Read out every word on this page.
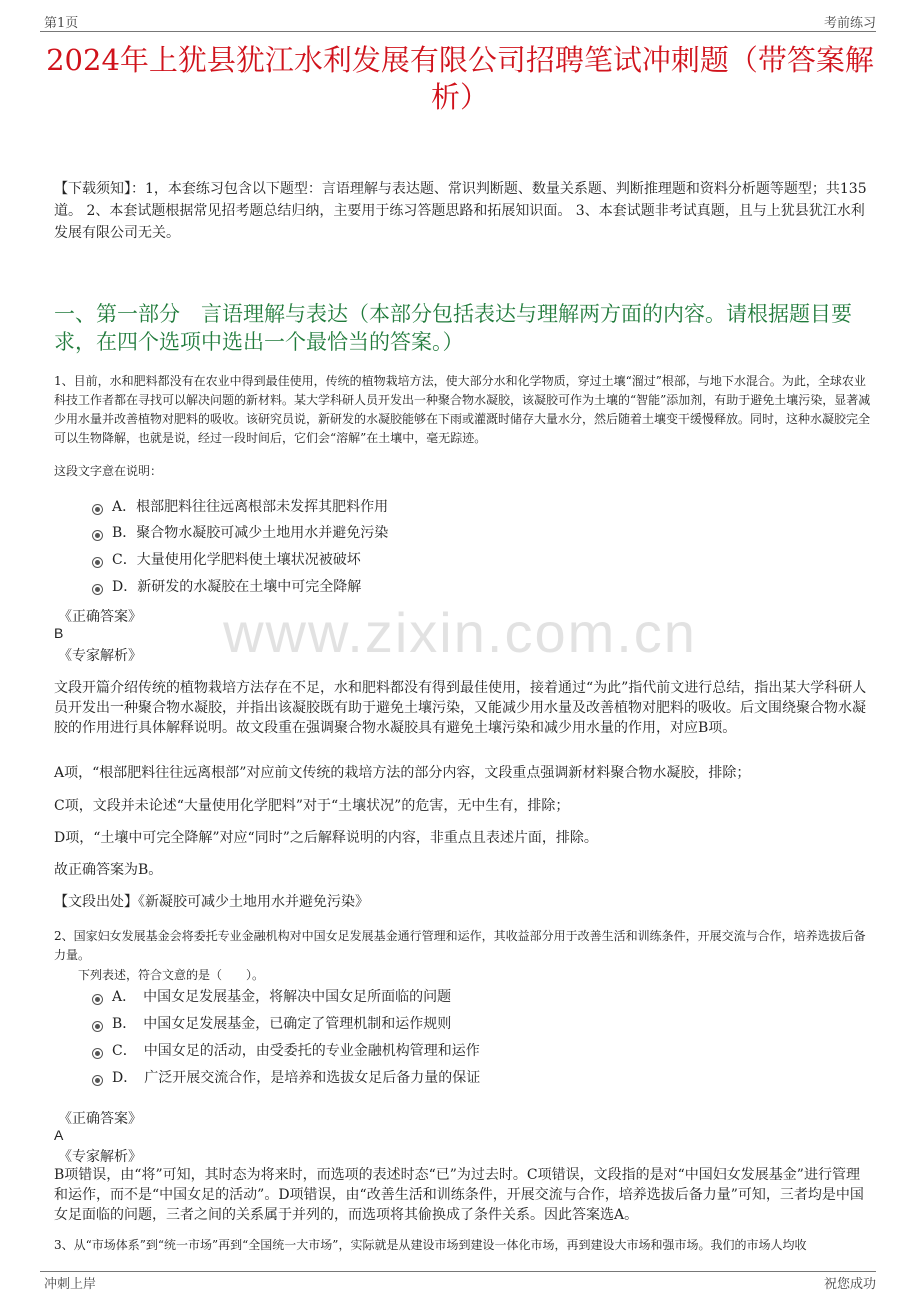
第1页	考前练习
2024年上犹县犹江水利发展有限公司招聘笔试冲刺题（带答案解析）
【下载须知】：1，本套练习包含以下题型：言语理解与表达题、常识判断题、数量关系题、判断推理题和资料分析题等题型；共135道。 2、本套试题根据常见招考题总结归纳，主要用于练习答题思路和拓展知识面。 3、本套试题非考试真题，且与上犹县犹江水利发展有限公司无关。
一、第一部分　言语理解与表达（本部分包括表达与理解两方面的内容。请根据题目要求，在四个选项中选出一个最恰当的答案。）
www.zixin.com.cn
1、目前，水和肥料都没有在农业中得到最佳使用，传统的植物栽培方法，使大部分水和化学物质，穿过土壤“溜过”根部，与地下水混合。为此，全球农业科技工作者都在寻找可以解决问题的新材料。某大学科研人员开发出一种聚合物水凝胶，该凝胶可作为土壤的“智能”添加剂，有助于避免土壤污染，显著减少用水量并改善植物对肥料的吸收。该研究员说，新研发的水凝胶能够在下雨或灌溉时储存大量水分，然后随着土壤变干缓慢释放。同时，这种水凝胶完全可以生物降解，也就是说，经过一段时间后，它们会“溶解”在土壤中，毫无踪迹。
这段文字意在说明：
A．根部肥料往往远离根部未发挥其肥料作用
B．聚合物水凝胶可减少土地用水并避免污染
C．大量使用化学肥料使土壤状况被破坏
D．新研发的水凝胶在土壤中可完全降解
《正确答案》
B
《专家解析》
文段开篇介绍传统的植物栽培方法存在不足，水和肥料都没有得到最佳使用，接着通过“为此”指代前文进行总结，指出某大学科研人员开发出一种聚合物水凝胶，并指出该凝胶既有助于避免土壤污染，又能减少用水量及改善植物对肥料的吸收。后文围绕聚合物水凝胶的作用进行具体解释说明。故文段重在强调聚合物水凝胶具有避免土壤污染和减少用水量的作用，对应B项。
A项，“根部肥料往往远离根部”对应前文传统的栽培方法的部分内容，文段重点强调新材料聚合物水凝胶，排除；
C项，文段并未论述“大量使用化学肥料”对于“土壤状况”的危害，无中生有，排除；
D项，“土壤中可完全降解”对应“同时”之后解释说明的内容，非重点且表述片面，排除。
故正确答案为B。
【文段出处】《新凝胶可减少土地用水并避免污染》
2、国家妇女发展基金会将委托专业金融机构对中国女足发展基金通行管理和运作，其收益部分用于改善生活和训练条件，开展交流与合作，培养选拔后备力量。
下列表述，符合文意的是（　　）。
A．　中国女足发展基金，将解决中国女足所面临的问题
B．　中国女足发展基金，已确定了管理机制和运作规则
C．　中国女足的活动，由受委托的专业金融机构管理和运作
D．　广泛开展交流合作，是培养和选拔女足后备力量的保证
《正确答案》
A
《专家解析》
B项错误，由“将”可知，其时态为将来时，而选项的表述时态“已”为过去时。C项错误，文段指的是对“中国妇女发展基金”进行管理和运作，而不是“中国女足的活动”。D项错误，由“改善生活和训练条件，开展交流与合作，培养选拔后备力量”可知，三者均是中国女足面临的问题，三者之间的关系属于并列的，而选项将其偷换成了条件关系。因此答案选A。
3、从“市场体系”到“统一市场”再到“全国统一大市场”，实际就是从建设市场到建设一体化市场，再到建设大市场和强市场。我们的市场人均收
冲刺上岸	祝您成功
